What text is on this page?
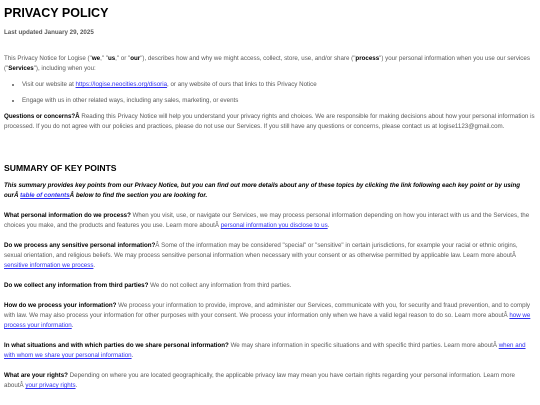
PRIVACY POLICY
Last updated January 29, 2025

This Privacy Notice for Logise ("we," "us," or "our"), describes how and why we might access, collect, store, use, and/or share ("process") your personal information when you use our services ("Services"), including when you:

• Visit our website at https://logise.neocities.org/disoria, or any website of ours that links to this Privacy Notice
• Engage with us in other related ways, including any sales, marketing, or events

Questions or concerns?Â Reading this Privacy Notice will help you understand your privacy rights and choices. We are responsible for making decisions about how your personal information is processed. If you do not agree with our policies and practices, please do not use our Services. If you still have any questions or concerns, please contact us at logise1123@gmail.com.

SUMMARY OF KEY POINTS

This summary provides key points from our Privacy Notice, but you can find out more details about any of these topics by clicking the link following each key point or by using ourÂ table of contentsÂ below to find the section you are looking for.

What personal information do we process? When you visit, use, or navigate our Services, we may process personal information depending on how you interact with us and the Services, the choices you make, and the products and features you use. Learn more aboutÂ personal information you disclose to us.

Do we process any sensitive personal information?Â Some of the information may be considered "special" or "sensitive" in certain jurisdictions, for example your racial or ethnic origins, sexual orientation, and religious beliefs. We may process sensitive personal information when necessary with your consent or as otherwise permitted by applicable law. Learn more aboutÂ sensitive information we process.

Do we collect any information from third parties? We do not collect any information from third parties.

How do we process your information? We process your information to provide, improve, and administer our Services, communicate with you, for security and fraud prevention, and to comply with law. We may also process your information for other purposes with your consent. We process your information only when we have a valid legal reason to do so. Learn more aboutÂ how we process your information.

In what situations and with which parties do we share personal information? We may share information in specific situations and with specific third parties. Learn more aboutÂ when and with whom we share your personal information.

What are your rights? Depending on where you are located geographically, the applicable privacy law may mean you have certain rights regarding your personal information. Learn more aboutÂ your privacy rights.
